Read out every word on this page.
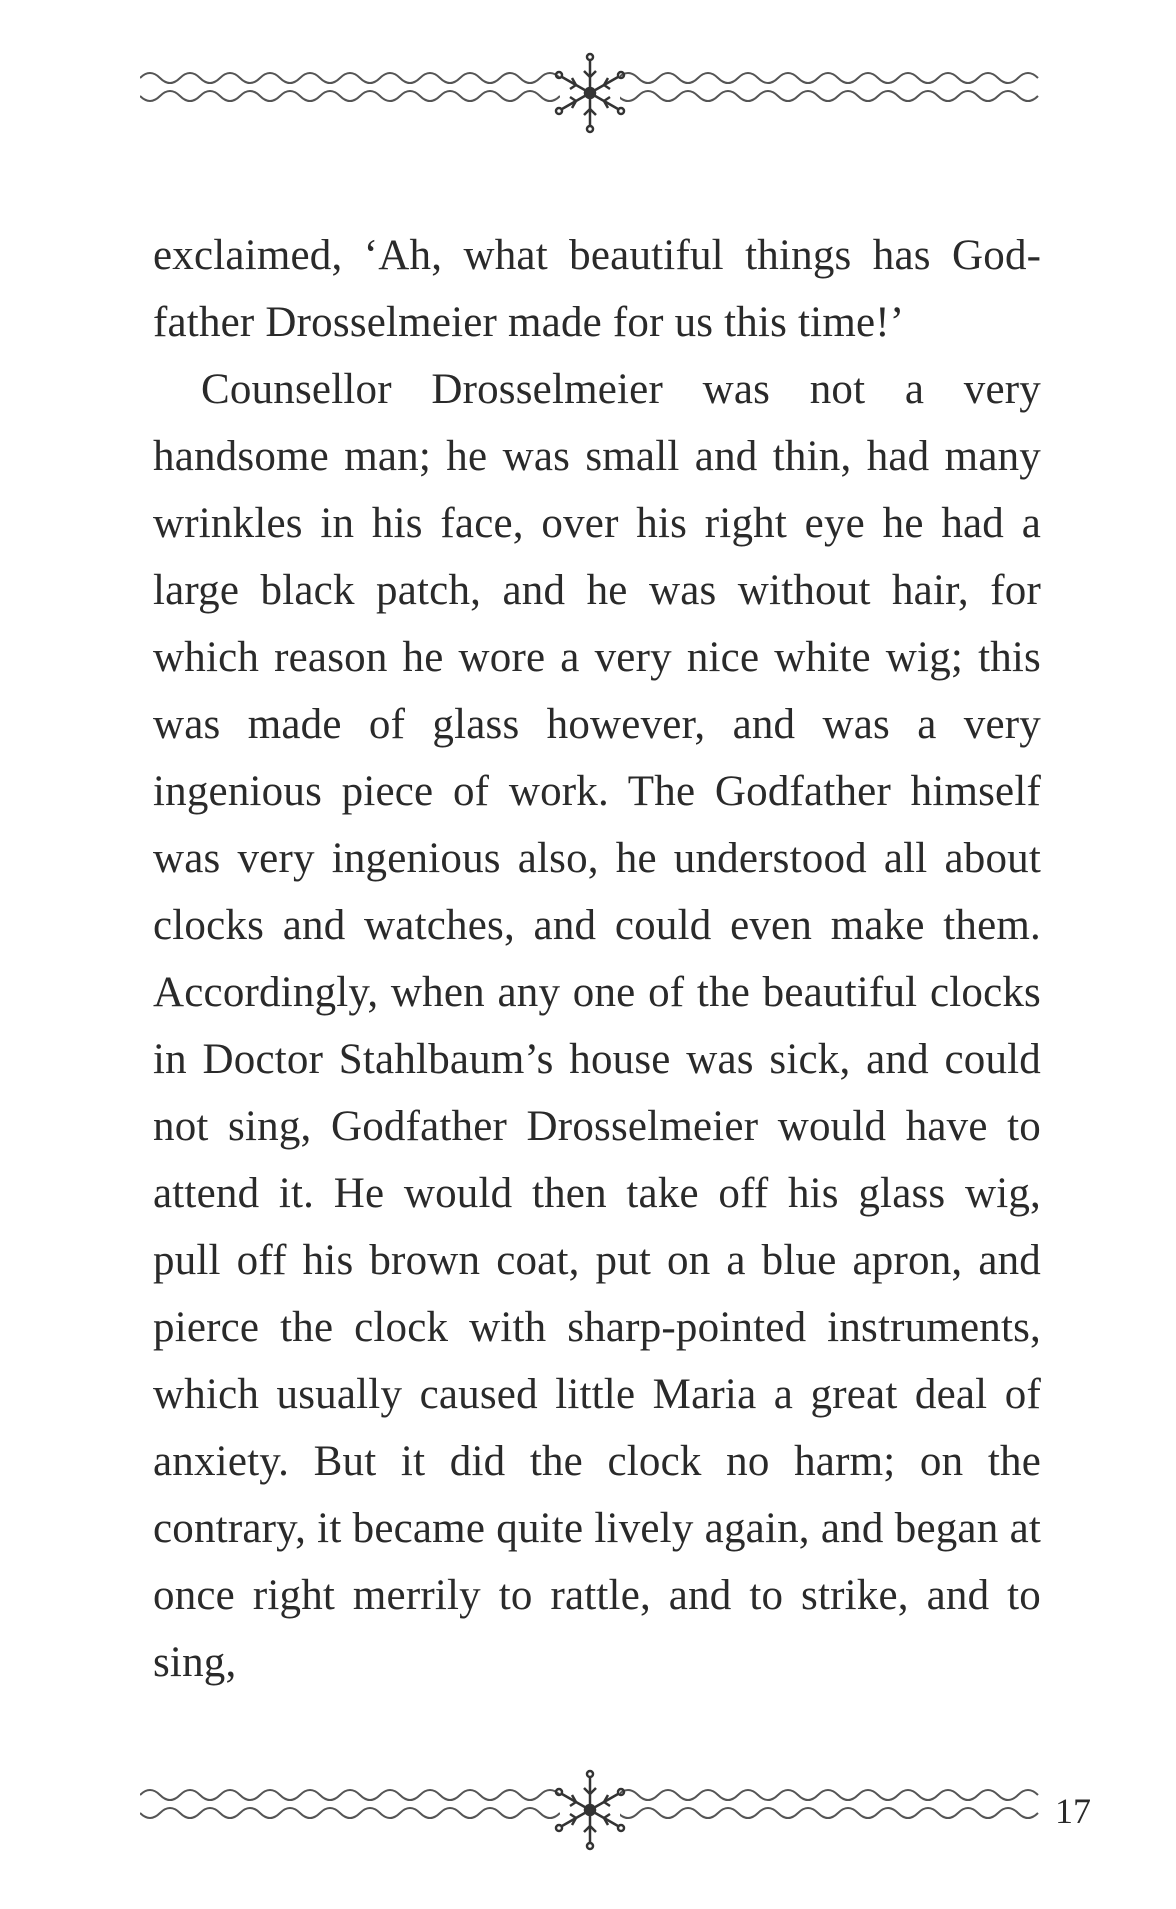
exclaimed, ‘Ah, what beautiful things has Godfather Drosselmeier made for us this time!’

Counsellor Drosselmeier was not a very handsome man; he was small and thin, had many wrinkles in his face, over his right eye he had a large black patch, and he was without hair, for which reason he wore a very nice white wig; this was made of glass however, and was a very ingenious piece of work. The Godfather himself was very ingenious also, he understood all about clocks and watches, and could even make them. Accordingly, when any one of the beautiful clocks in Doctor Stahlbaum’s house was sick, and could not sing, Godfather Drosselmeier would have to attend it. He would then take off his glass wig, pull off his brown coat, put on a blue apron, and pierce the clock with sharp-pointed instruments, which usually caused little Maria a great deal of anxiety. But it did the clock no harm; on the contrary, it became quite lively again, and began at once right merrily to rattle, and to strike, and to sing,

17
